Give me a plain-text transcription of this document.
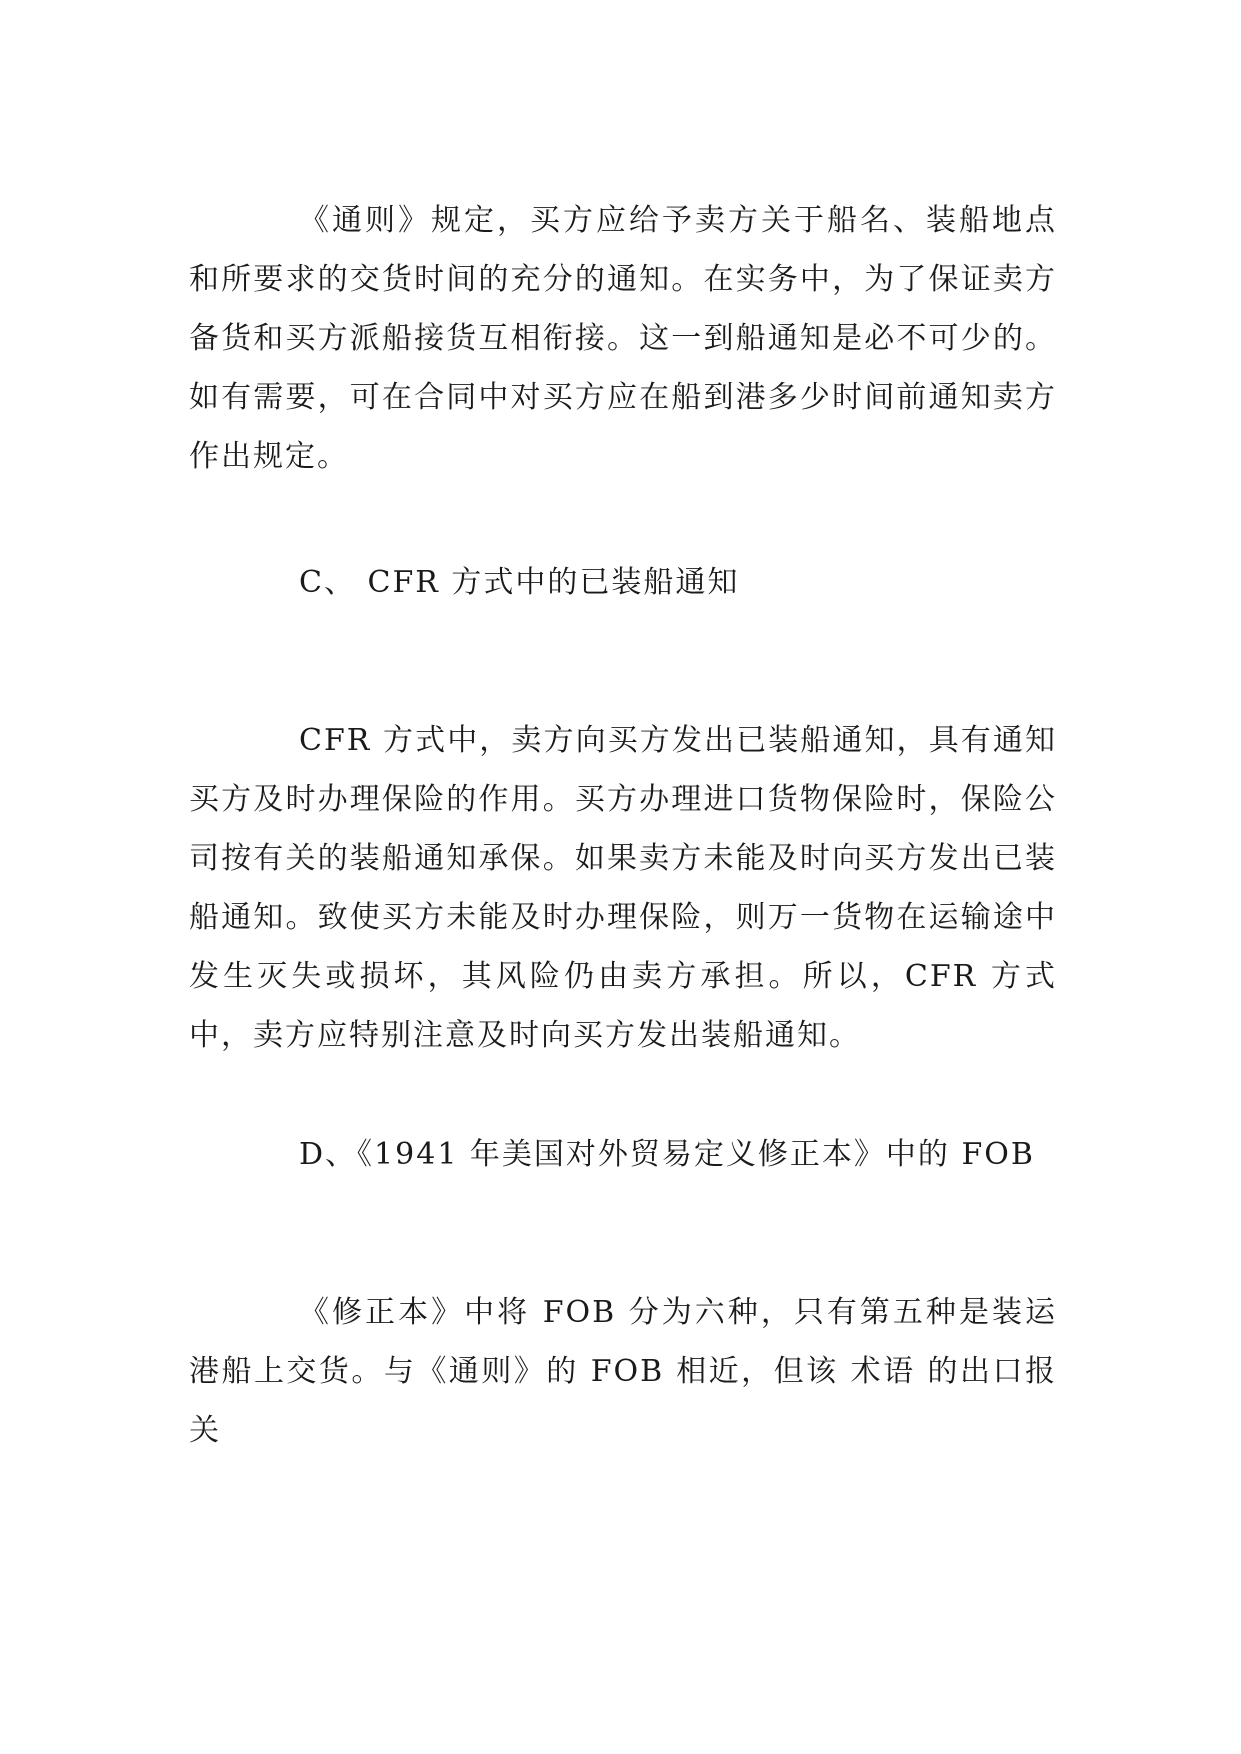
《通则》规定，买方应给予卖方关于船名、装船地点和所要求的交货时间的充分的通知。在实务中，为了保证卖方备货和买方派船接货互相衔接。这一到船通知是必不可少的。如有需要，可在合同中对买方应在船到港多少时间前通知卖方作出规定。

C、 CFR 方式中的已装船通知

CFR 方式中，卖方向买方发出已装船通知，具有通知买方及时办理保险的作用。买方办理进口货物保险时，保险公司按有关的装船通知承保。如果卖方未能及时向买方发出已装船通知。致使买方未能及时办理保险，则万一货物在运输途中发生灭失或损坏，其风险仍由卖方承担。所以，CFR 方式中，卖方应特别注意及时向买方发出装船通知。

D、《1941 年美国对外贸易定义修正本》中的 FOB

《修正本》中将 FOB 分为六种，只有第五种是装运港船上交货。与《通则》的 FOB 相近，但该 术语 的出口报关
